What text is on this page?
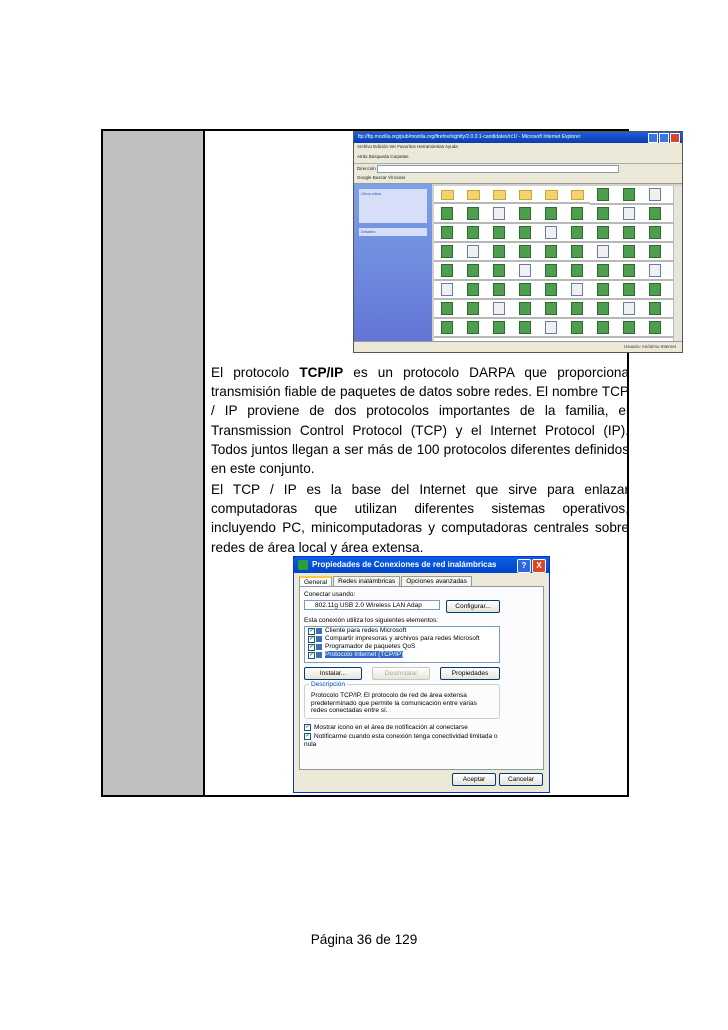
ftp://ftp.mozilla.org/pub/mozilla.org/firefox/nightly/2.0.0.1-candidates/rc1/ - Microsoft Internet Explorer
Archivo Edición Ver Favoritos Herramientas Ayuda
Atrás Búsqueda Carpetas
Dirección
Google Buscar Vínculos
Otros sitios
Detalles
Usuario: Anónimo Internet
El protocolo TCP/IP es un protocolo DARPA que proporciona transmisión fiable de paquetes de datos sobre redes. El nombre TCP / IP proviene de dos protocolos importantes de la familia, el Transmission Control Protocol (TCP) y el Internet Protocol (IP). Todos juntos llegan a ser más de 100 protocolos diferentes definidos en este conjunto.
El TCP / IP es la base del Internet que sirve para enlazar computadoras que utilizan diferentes sistemas operativos, incluyendo PC, minicomputadoras y computadoras centrales sobre redes de área local y área extensa.
Propiedades de Conexiones de red inalámbricas	?	X
General	Redes inalámbricas	Opciones avanzadas
Conectar usando:
802.11g USB 2.0 Wireless LAN Adap	Configurar...
Esta conexión utiliza los siguientes elementos:
✔ Cliente para redes Microsoft
✔ Compartir impresoras y archivos para redes Microsoft
✔ Programador de paquetes QoS
✔ Protocolo Internet (TCP/IP)
Instalar...	Desinstalar	Propiedades
Descripción
Protocolo TCP/IP. El protocolo de red de área extensa predeterminado que permite la comunicación entre varias redes conectadas entre sí.
✔ Mostrar icono en el área de notificación al conectarse
✔ Notificarme cuando esta conexión tenga conectividad limitada o nula
Aceptar	Cancelar
Página 36 de 129
